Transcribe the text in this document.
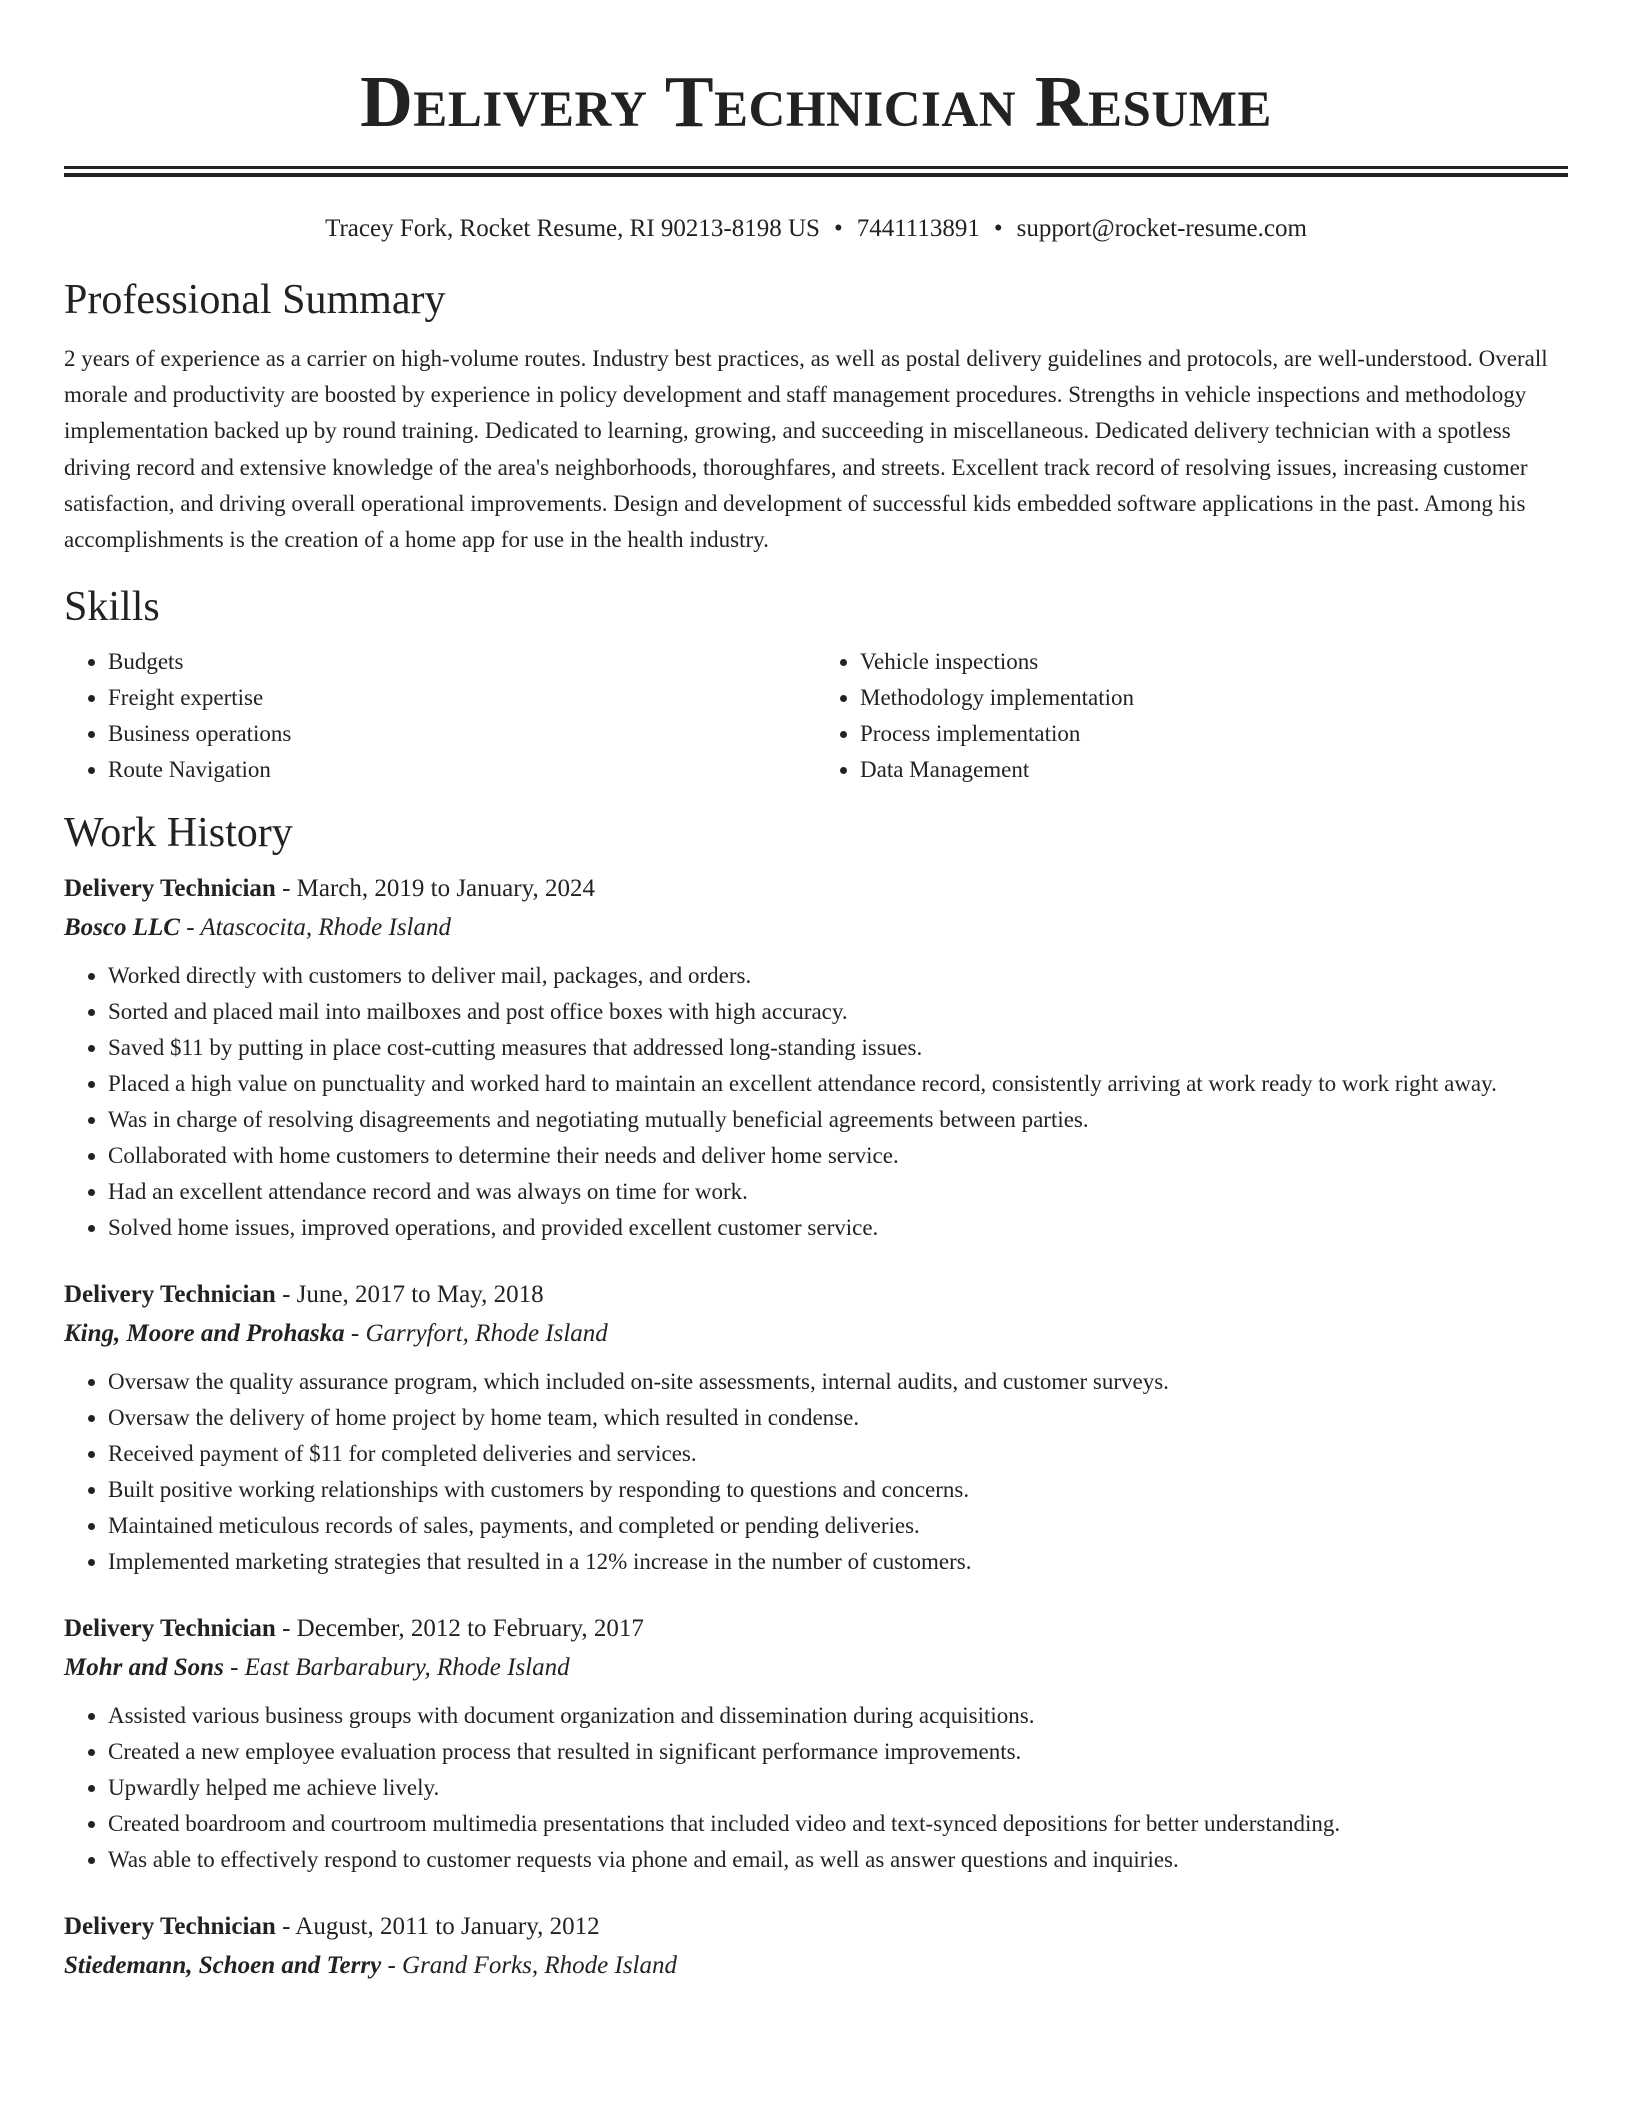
Delivery Technician Resume
Tracey Fork, Rocket Resume, RI 90213-8198 US • 7441113891 • support@rocket-resume.com
Professional Summary

2 years of experience as a carrier on high-volume routes. Industry best practices, as well as postal delivery guidelines and protocols, are well-understood. Overall morale and productivity are boosted by experience in policy development and staff management procedures. Strengths in vehicle inspections and methodology implementation backed up by round training. Dedicated to learning, growing, and succeeding in miscellaneous. Dedicated delivery technician with a spotless driving record and extensive knowledge of the area's neighborhoods, thoroughfares, and streets. Excellent track record of resolving issues, increasing customer satisfaction, and driving overall operational improvements. Design and development of successful kids embedded software applications in the past. Among his accomplishments is the creation of a home app for use in the health industry.

Skills
• Budgets
• Freight expertise
• Business operations
• Route Navigation
• Vehicle inspections
• Methodology implementation
• Process implementation
• Data Management
Work History
Delivery Technician - March, 2019 to January, 2024
Bosco LLC - Atascocita, Rhode Island
• Worked directly with customers to deliver mail, packages, and orders.
• Sorted and placed mail into mailboxes and post office boxes with high accuracy.
• Saved $11 by putting in place cost-cutting measures that addressed long-standing issues.
• Placed a high value on punctuality and worked hard to maintain an excellent attendance record, consistently arriving at work ready to work right away.
• Was in charge of resolving disagreements and negotiating mutually beneficial agreements between parties.
• Collaborated with home customers to determine their needs and deliver home service.
• Had an excellent attendance record and was always on time for work.
• Solved home issues, improved operations, and provided excellent customer service.
Delivery Technician - June, 2017 to May, 2018
King, Moore and Prohaska - Garryfort, Rhode Island
• Oversaw the quality assurance program, which included on-site assessments, internal audits, and customer surveys.
• Oversaw the delivery of home project by home team, which resulted in condense.
• Received payment of $11 for completed deliveries and services.
• Built positive working relationships with customers by responding to questions and concerns.
• Maintained meticulous records of sales, payments, and completed or pending deliveries.
• Implemented marketing strategies that resulted in a 12% increase in the number of customers.
Delivery Technician - December, 2012 to February, 2017
Mohr and Sons - East Barbarabury, Rhode Island
• Assisted various business groups with document organization and dissemination during acquisitions.
• Created a new employee evaluation process that resulted in significant performance improvements.
• Upwardly helped me achieve lively.
• Created boardroom and courtroom multimedia presentations that included video and text-synced depositions for better understanding.
• Was able to effectively respond to customer requests via phone and email, as well as answer questions and inquiries.
Delivery Technician - August, 2011 to January, 2012
Stiedemann, Schoen and Terry - Grand Forks, Rhode Island
